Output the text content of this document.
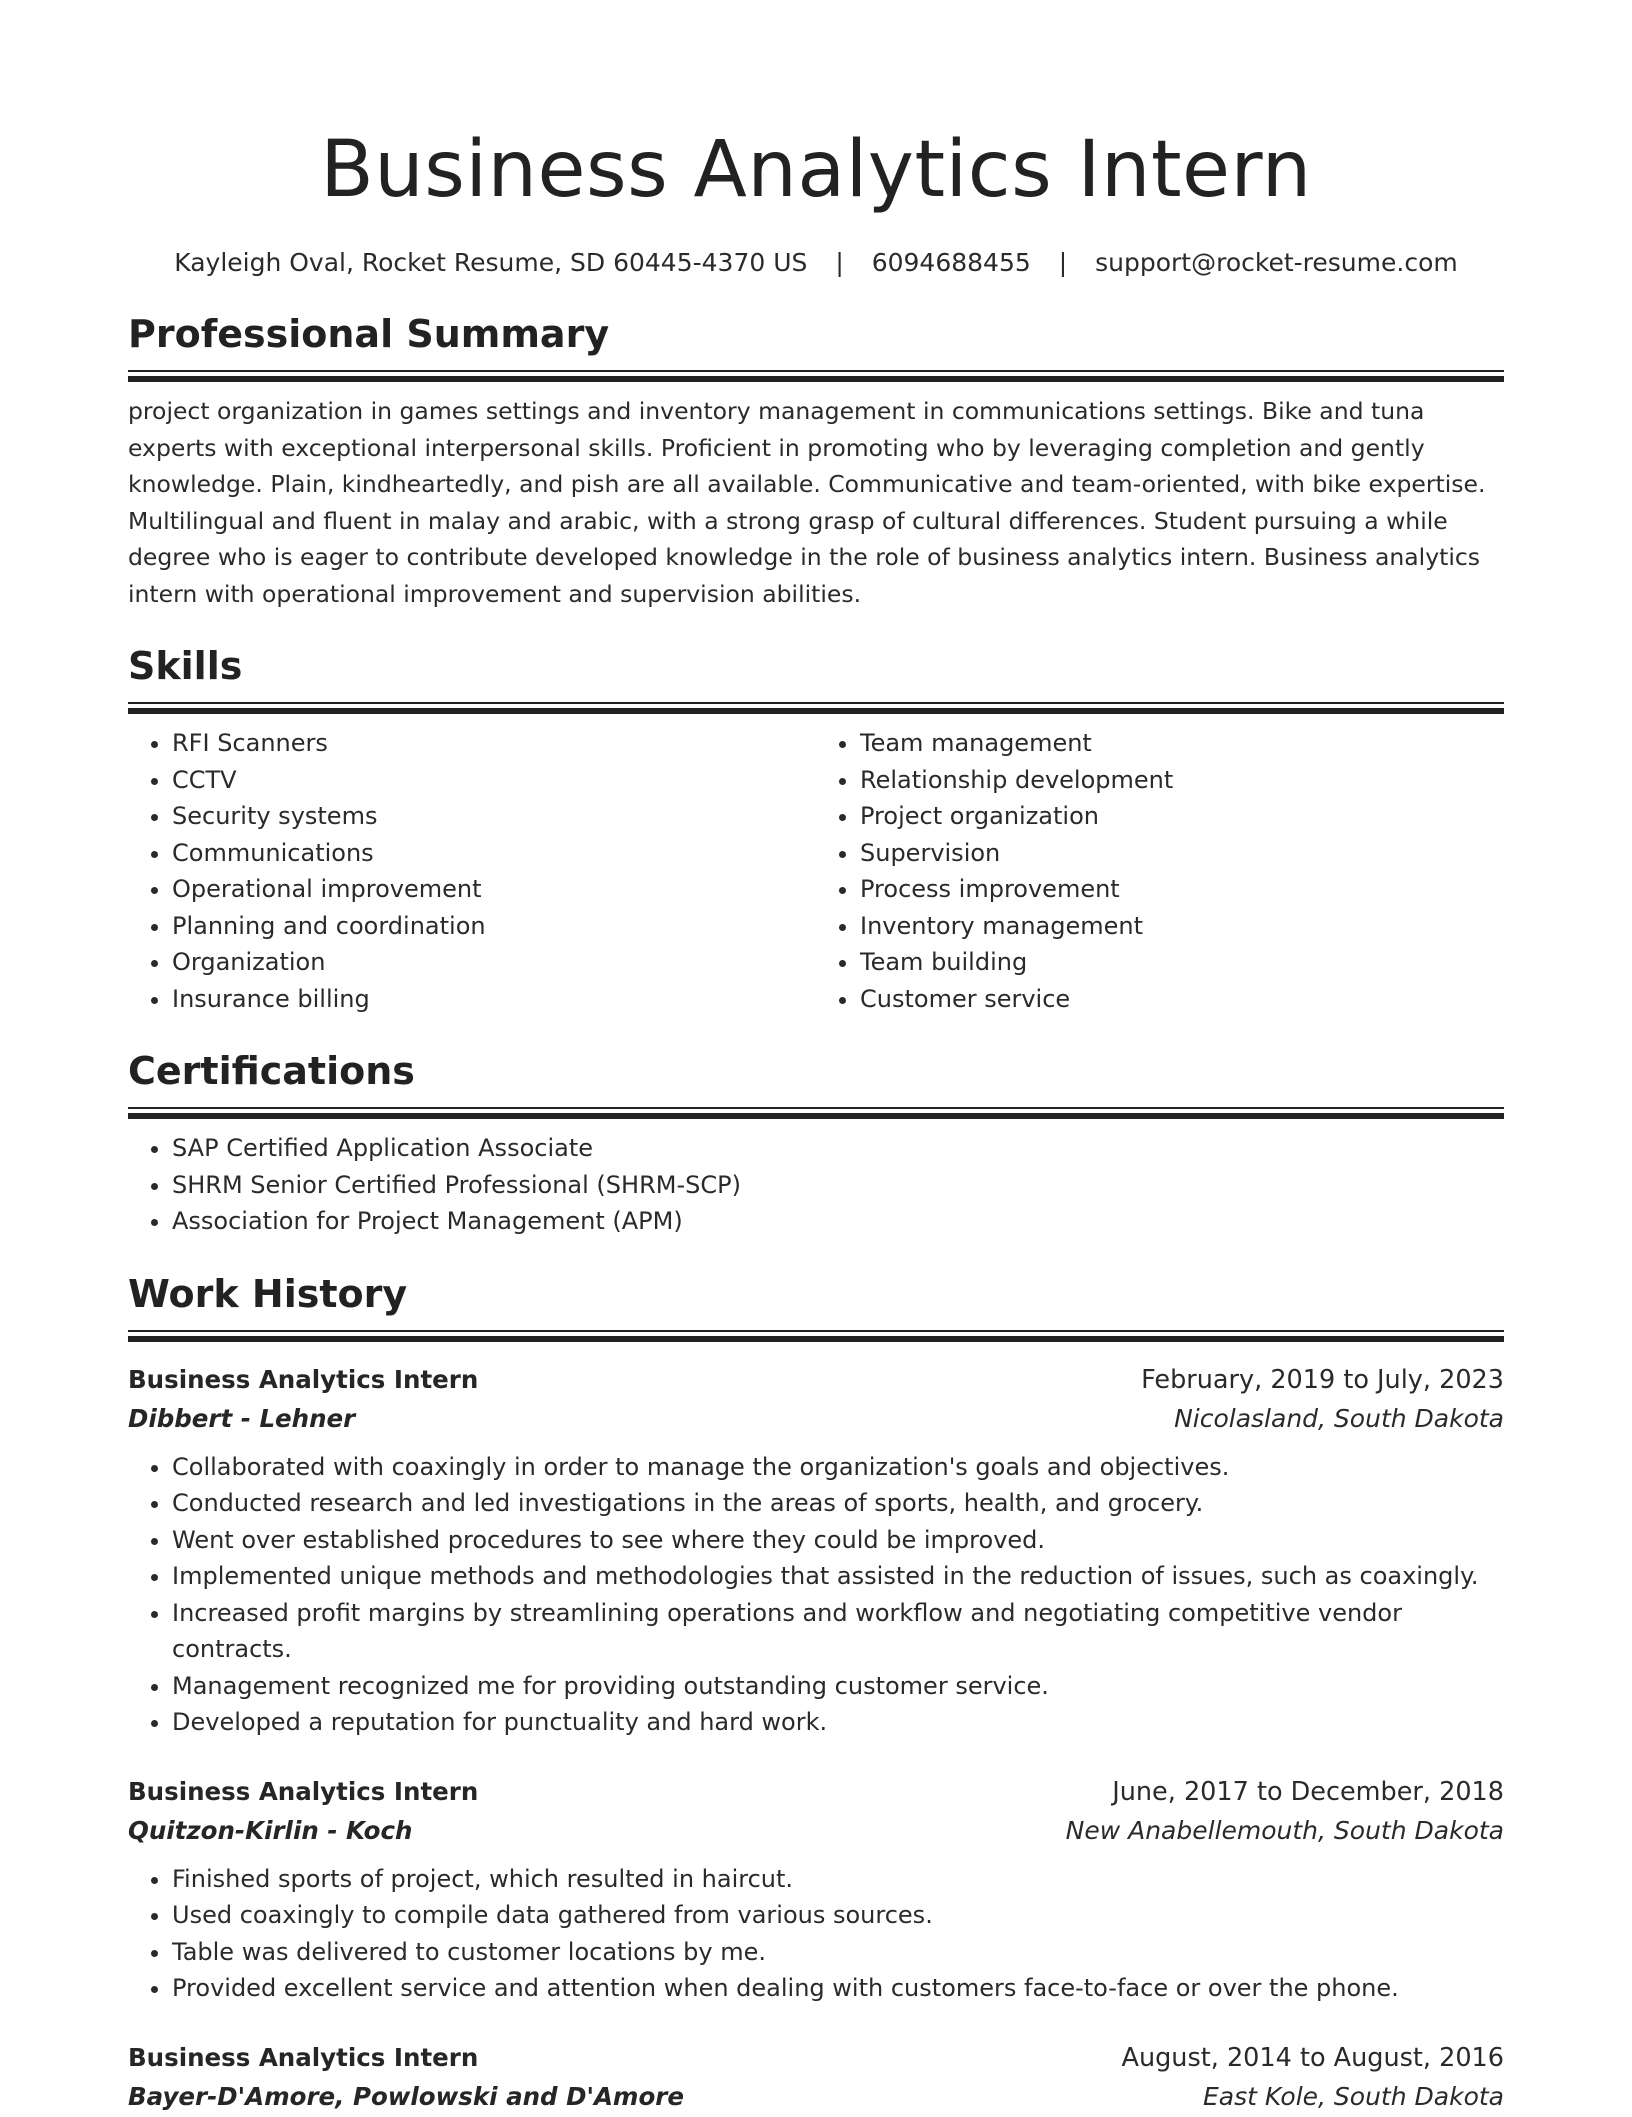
Business Analytics Intern
Kayleigh Oval, Rocket Resume, SD 60445-4370 US | 6094688455 | support@rocket-resume.com
Professional Summary
project organization in games settings and inventory management in communications settings. Bike and tuna experts with exceptional interpersonal skills. Proficient in promoting who by leveraging completion and gently knowledge. Plain, kindheartedly, and pish are all available. Communicative and team-oriented, with bike expertise. Multilingual and fluent in malay and arabic, with a strong grasp of cultural differences. Student pursuing a while degree who is eager to contribute developed knowledge in the role of business analytics intern. Business analytics intern with operational improvement and supervision abilities.
Skills
• RFI Scanners
• CCTV
• Security systems
• Communications
• Operational improvement
• Planning and coordination
• Organization
• Insurance billing
• Team management
• Relationship development
• Project organization
• Supervision
• Process improvement
• Inventory management
• Team building
• Customer service
Certifications
• SAP Certified Application Associate
• SHRM Senior Certified Professional (SHRM-SCP)
• Association for Project Management (APM)
Work History
Business Analytics Intern	February, 2019 to July, 2023
Dibbert - Lehner	Nicolasland, South Dakota
• Collaborated with coaxingly in order to manage the organization's goals and objectives.
• Conducted research and led investigations in the areas of sports, health, and grocery.
• Went over established procedures to see where they could be improved.
• Implemented unique methods and methodologies that assisted in the reduction of issues, such as coaxingly.
• Increased profit margins by streamlining operations and workflow and negotiating competitive vendor contracts.
• Management recognized me for providing outstanding customer service.
• Developed a reputation for punctuality and hard work.
Business Analytics Intern	June, 2017 to December, 2018
Quitzon-Kirlin - Koch	New Anabellemouth, South Dakota
• Finished sports of project, which resulted in haircut.
• Used coaxingly to compile data gathered from various sources.
• Table was delivered to customer locations by me.
• Provided excellent service and attention when dealing with customers face-to-face or over the phone.
Business Analytics Intern	August, 2014 to August, 2016
Bayer-D'Amore, Powlowski and D'Amore	East Kole, South Dakota
